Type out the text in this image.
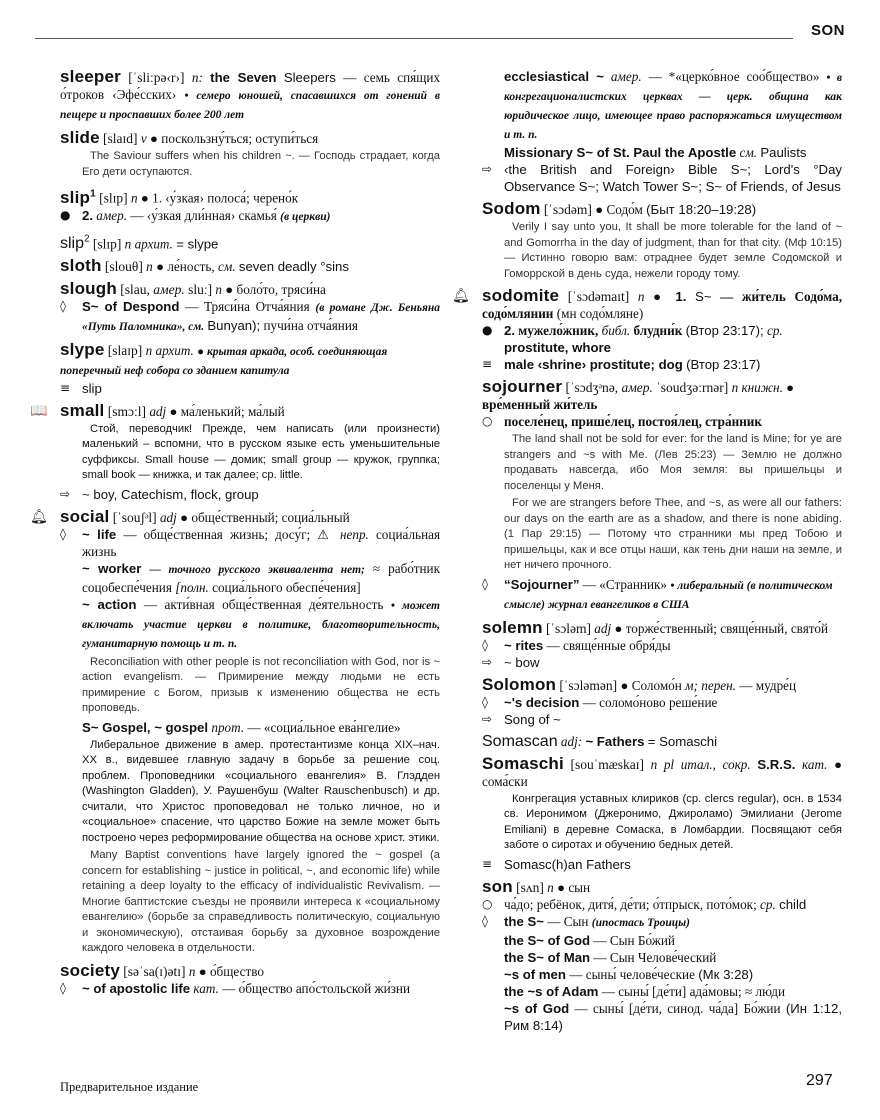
SON
sleeper [ˈsliːpə‹r›] n: the Seven Sleepers — семь спя́щих о́троков ‹Эфе́сских› • семеро юношей, спасавшихся от гонений в пещере и проспавших более 200 лет
slide [slaɪd] v ● поскользну́ться; оступи́ться
The Saviour suffers when his children ~. — Господь страдает, когда Его дети оступаются.
slip$^1$ [slɪp] n ● 1. ‹у́зкая› полоса́; черено́к
● 2. амер. — ‹у́зкая дли́нная› скамья́ (в церкви)
slip$^2$ [slɪp] n архит. = slype
sloth [slouθ] n ● ле́ность, см. seven deadly °sins
slough [slau, амер. sluː] n ● боло́то, тряси́на
◊	S~ of Despond — Тряси́на Отча́яния (в романе Дж. Беньяна «Путь Паломника», см. Bunyan); пучи́на отча́яния
slype [slaɪp] n архит. ● крытая аркада, особ. соединяющая поперечный неф собора со зданием капитула
≡ slip
📖 small [smɔːl] adj ● ма́ленький; ма́лый
Стой, переводчик! Прежде, чем написать (или произнести) маленький – вспомни, что в русском языке есть уменьшительные суффиксы. Small house — домик; small group — кружок, группка; small book — книжка, и так далее; ср. little.
⇨ ~ boy, Catechism, flock, group
🔔︎ social [ˈsouʃᵊl] adj ● обще́ственный; социа́льный
◊	~ life — обще́ственная жизнь; досу́г; ⚠ непр. социа́льная жизнь
~ worker — точного русского эквивалента нет; ≈ рабо́тник соцобеспе́чения [полн. социа́льного обеспе́чения]
~ action — акти́вная обще́ственная де́ятельность • может включать участие церкви в политике, благотворительность, гуманитарную помощь и т. п.
Reconciliation with other people is not reconciliation with God, nor is ~ action evangelism. — Примирение между людьми не есть примирение с Богом, призыв к изменению общества не есть проповедь.
S~ Gospel, ~ gospel прот. — «социа́льное ева́нгелие»
Либеральное движение в амер. протестантизме конца XIX–нач. XX в., видевшее главную задачу в борьбе за решение соц. проблем. Проповедники «социального евангелия» В. Глэдден (Washington Gladden), У. Раушенбуш (Walter Rauschenbusch) и др. считали, что Христос проповедовал не только личное, но и «социальное» спасение, что царство Божие на земле может быть построено через реформирование общества на основе христ. этики.
Many Baptist conventions have largely ignored the ~ gospel (a concern for establishing ~ justice in political, ~, and economic life) while retaining a deep loyalty to the efficacy of individualistic Revivalism. — Многие баптистские съезды не проявили интереса к «социальному евангелию» (борьбе за справедливость политическую, социальную и экономическую), отстаивая борьбу за духовное возрождение каждого человека в отдельности.
society [səˈsa(ɪ)ətɪ] n ● о́бщество
◊	~ of apostolic life кат. — о́бщество апо́стольской жи́зни
ecclesiastical ~ амер. — *«церко́вное соо́бщество» • в конгрегационалистских церквах — церк. община как юридическое лицо, имеющее право распоряжаться имуществом и т. п.
Missionary S~ of St. Paul the Apostle см. Paulists
⇨ ‹the British and Foreign› Bible S~; Lord's °Day Observance S~; Watch Tower S~; S~ of Friends, of Jesus
Sodom [ˈsɔdəm] ● Содо́м (Быт 18:20–19:28)
Verily I say unto you, It shall be more tolerable for the land of ~ and Gomorrha in the day of judgment, than for that city. (Мф 10:15) — Истинно говорю вам: отраднее будет земле Содомской и Гоморрской в день суда, нежели городу тому.
🔔︎ sodomite [ˈsɔdəmaɪt] n ● 1. S~ — жи́тель Содо́ма, содо́млянин (мн содо́мляне)
● 2. мужело́жник, библ. блудни́к (Втор 23:17); ср. prostitute, whore
≡ male ‹shrine› prostitute; dog (Втор 23:17)
sojourner [ˈsɔdʒᵊnə, амер. ˈsoudʒəːrnər] n книжн. ● вре́менный жи́тель
○ поселе́нец, прише́лец, постоя́лец, стра́нник
The land shall not be sold for ever: for the land is Mine; for ye are strangers and ~s with Me. (Лев 25:23) — Землю не должно продавать навсегда, ибо Моя земля: вы пришельцы и поселенцы у Меня.
For we are strangers before Thee, and ~s, as were all our fathers: our days on the earth are as a shadow, and there is none abiding. (1 Пар 29:15) — Потому что странники мы пред Тобою и пришельцы, как и все отцы наши, как тень дни наши на земле, и нет ничего прочного.
◊	“Sojourner” — «Странник» • либеральный (в политическом смысле) журнал евангеликов в США
solemn [ˈsɔləm] adj ● торже́ственный; свяще́нный, свято́й
◊	~ rites — свяще́нные обря́ды
⇨ ~ bow
Solomon [ˈsɔləmən] ● Соломо́н м; перен. — мудре́ц
◊	~'s decision — соломо́ново реше́ние
⇨ Song of ~
Somascan adj: ~ Fathers = Somaschi
Somaschi [souˈmæskaɪ] n pl итал., сокр. S.R.S. кат. ● сома́ски
Конгрегация уставных клириков (ср. clercs regular), осн. в 1534 св. Иеронимом (Джеронимо, Джироламо) Эмилиани (Jerome Emiliani) в деревне Сомаска, в Ломбардии. Посвящают себя заботе о сиротах и обучению бедных детей.
≡ Somasc(h)an Fathers
son [sʌn] n ● сын
○ ча́до; ребёнок, дитя́, де́ти; о́тпрыск, пото́мок; ср. child
◊	the S~ — Сын (ипостась Троицы)
the S~ of God — Сын Бо́жий
the S~ of Man — Сын Челове́ческий
~s of men — сыны́ челове́ческие (Мк 3:28)
the ~s of Adam — сыны́ [де́ти] ада́мовы; ≈ лю́ди
~s of God — сыны́ [де́ти, синод. ча́да] Бо́жии (Ин 1:12, Рим 8:14)
Предварительное издание	297
